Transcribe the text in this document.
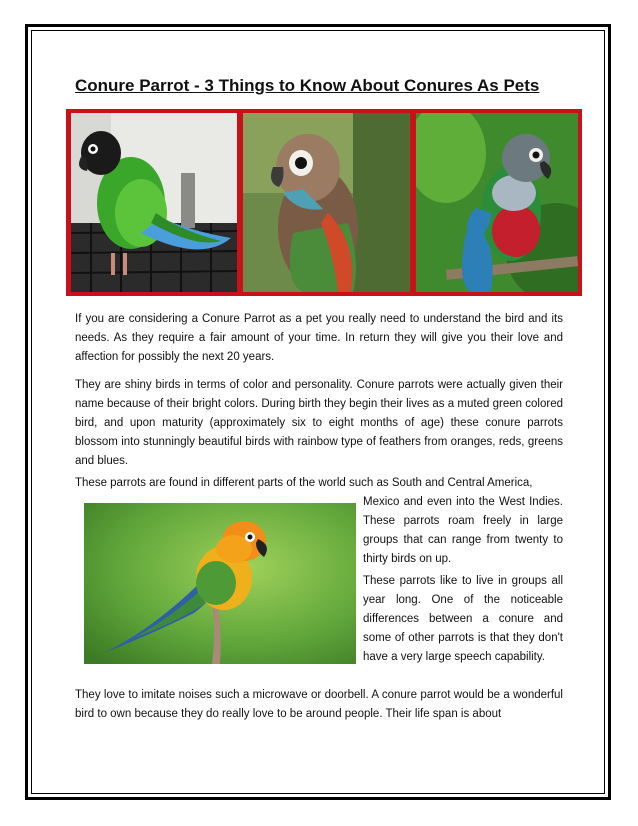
Conure Parrot - 3 Things to Know About Conures As Pets

If you are considering a Conure Parrot as a pet you really need to understand the bird and its needs. As they require a fair amount of your time. In return they will give you their love and affection for possibly the next 20 years.

They are shiny birds in terms of color and personality. Conure parrots were actually given their name because of their bright colors. During birth they begin their lives as a muted green colored bird, and upon maturity (approximately six to eight months of age) these conure parrots blossom into stunningly beautiful birds with rainbow type of feathers from oranges, reds, greens and blues.

These parrots are found in different parts of the world such as South and Central America,

Mexico and even into the West Indies. These parrots roam freely in large groups that can range from twenty to thirty birds on up.

These parrots like to live in groups all year long. One of the noticeable differences between a conure and some of other parrots is that they don't have a very large speech capability.

They love to imitate noises such a microwave or doorbell. A conure parrot would be a wonderful bird to own because they do really love to be around people. Their life span is about
